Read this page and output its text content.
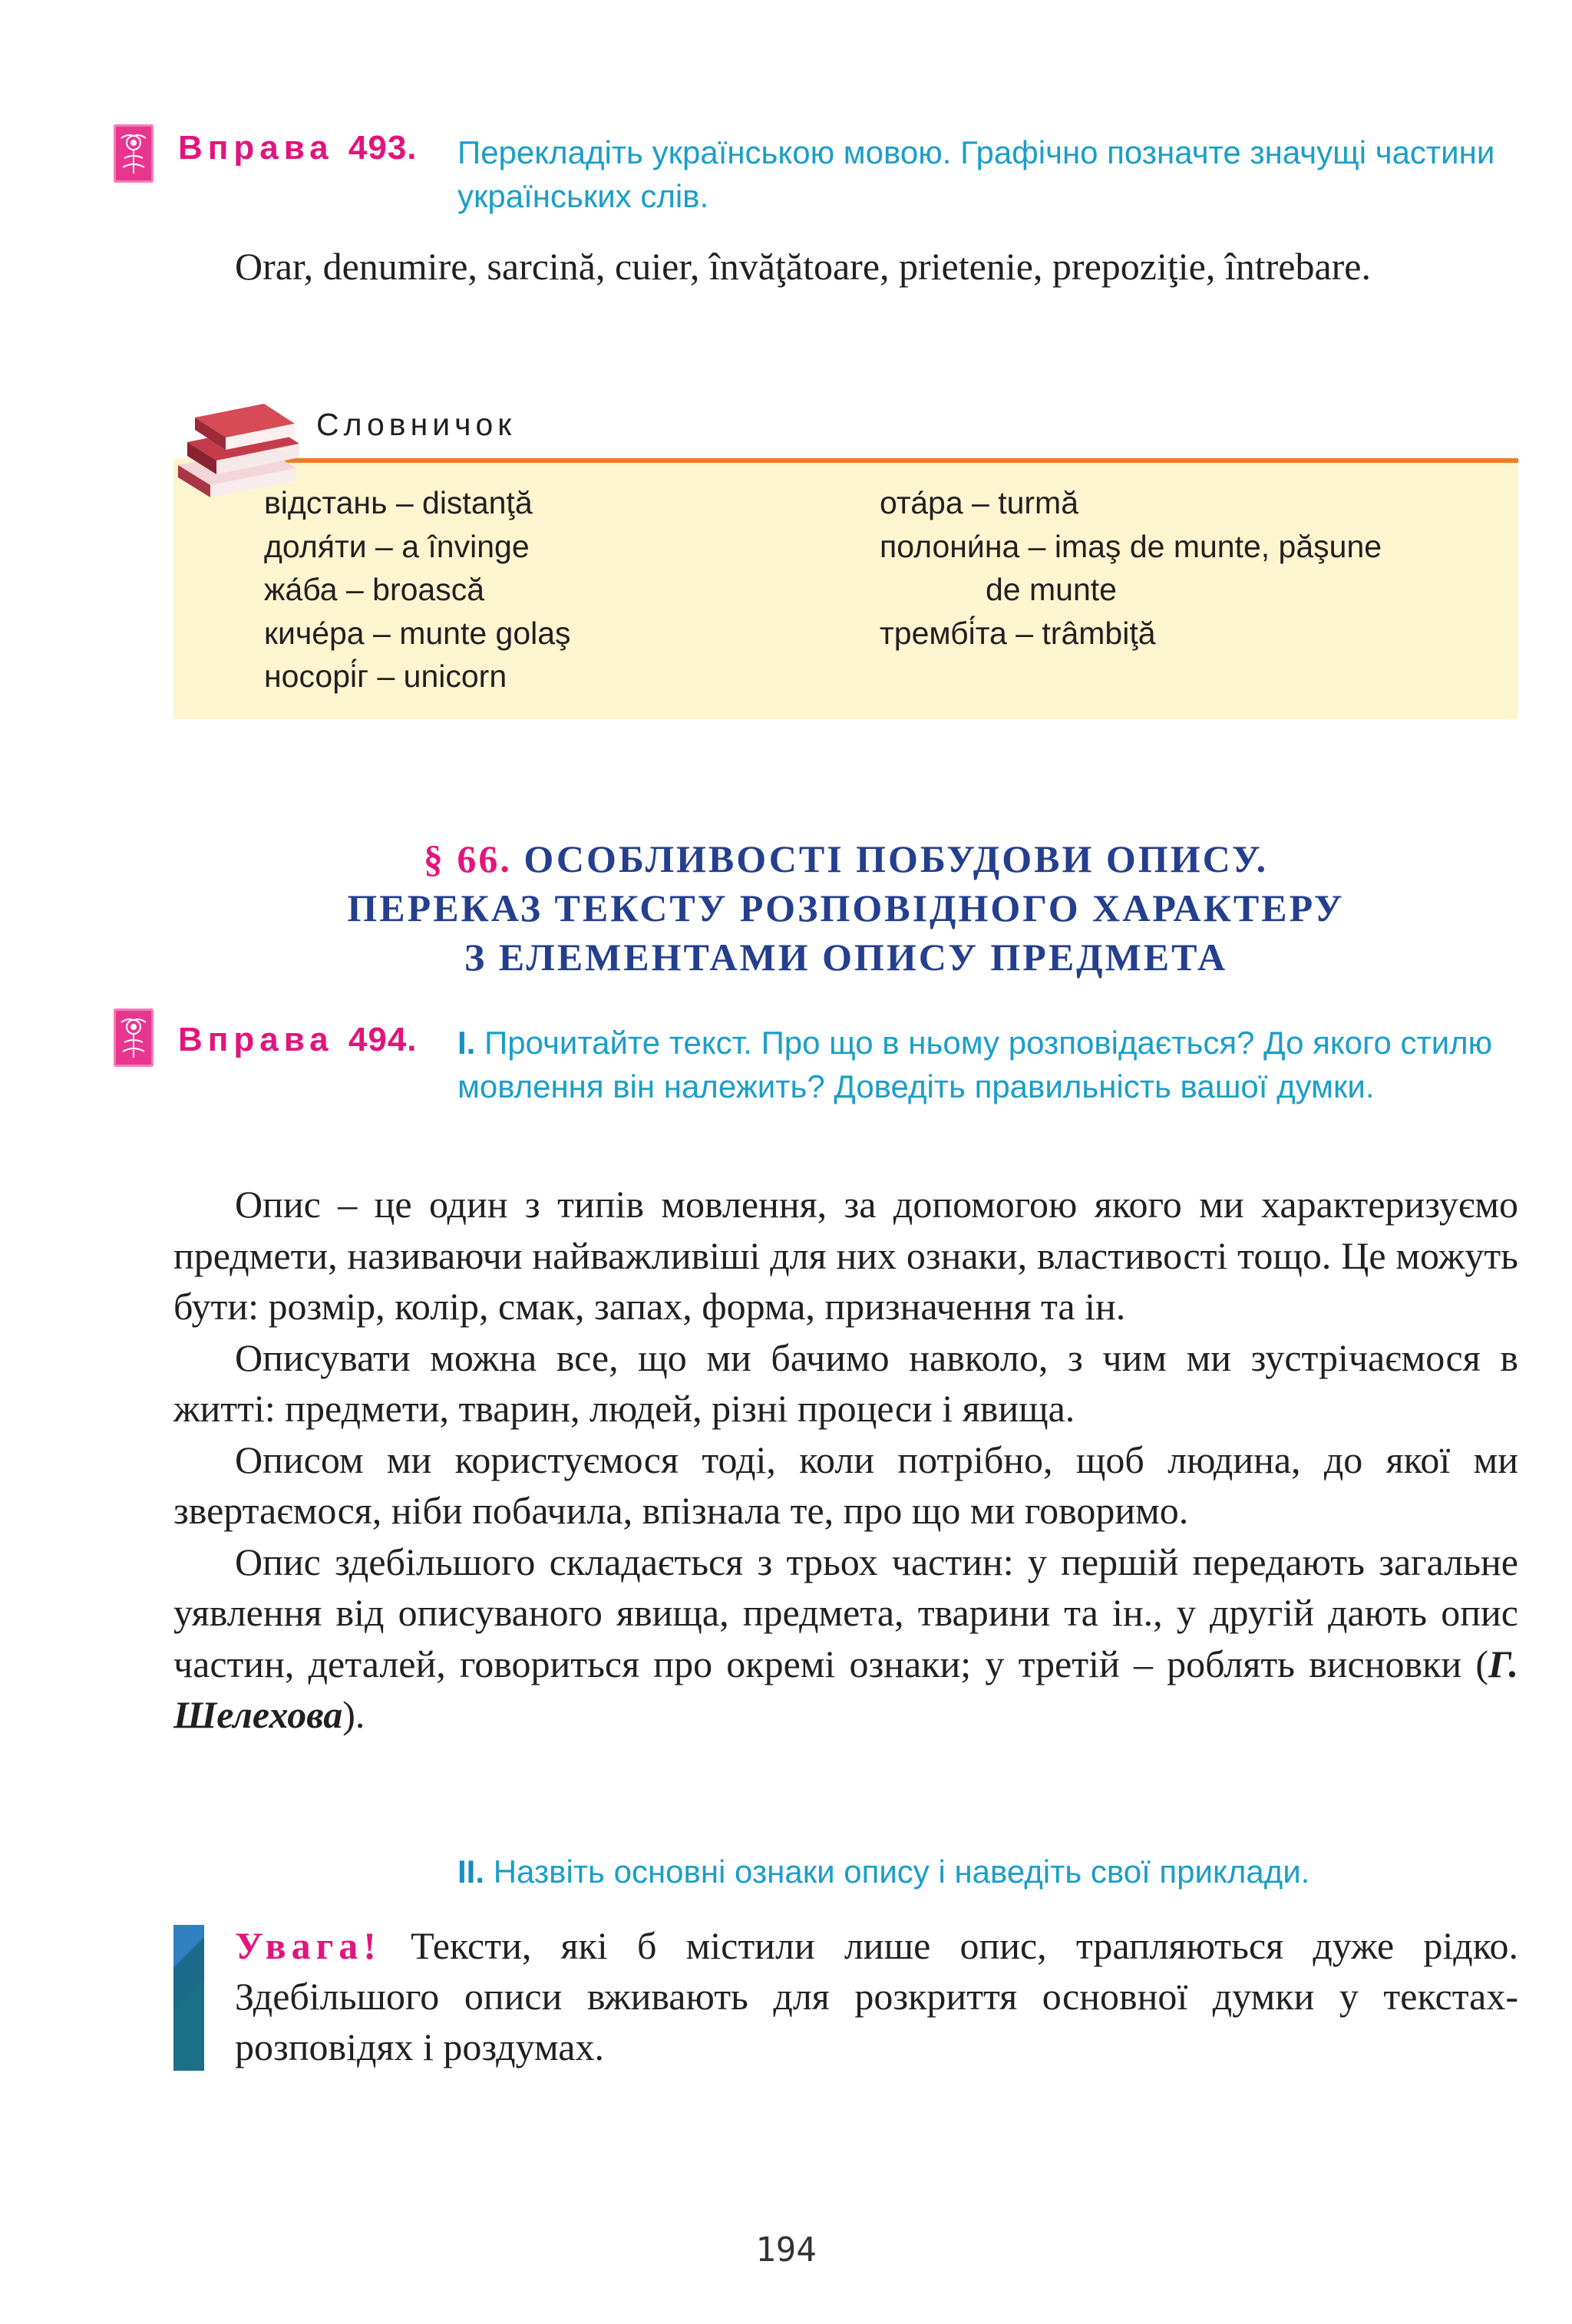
Вправа 493. Перекладіть українською мовою. Графічно позначте значущі частини українських слів.

Orar, denumire, sarcină, cuier, învăţătoare, prietenie, prepoziţie, întrebare.

Словничок
відстань – distanţă
доля́ти – a învinge
жа́ба – broască
киче́ра – munte golaş
носорі́г – unicorn
ота́ра – turmă
полони́на – imaş de munte, păşune
de munte
трембі́та – trâmbiţă
§ 66. ОСОБЛИВОСТІ ПОБУДОВИ ОПИСУ.
ПЕРЕКАЗ ТЕКСТУ РОЗПОВІДНОГО ХАРАКТЕРУ
З ЕЛЕМЕНТАМИ ОПИСУ ПРЕДМЕТА
Вправа 494. I. Прочитайте текст. Про що в ньому розповідається? До якого стилю мовлення він належить? Доведіть правильність вашої думки.

Опис – це один з типів мовлення, за допомогою якого ми характеризуємо предмети, називаючи найважливіші для них ознаки, властивості тощо. Це можуть бути: розмір, колір, смак, запах, форма, призначення та ін.

Описувати можна все, що ми бачимо навколо, з чим ми зустрічаємося в житті: предмети, тварин, людей, різні процеси і явища.

Описом ми користуємося тоді, коли потрібно, щоб людина, до якої ми звертаємося, ніби побачила, впізнала те, про що ми говоримо.

Опис здебільшого складається з трьох частин: у першій передають загальне уявлення від описуваного явища, предмета, тварини та ін., у другій дають опис частин, деталей, говориться про окремі ознаки; у третій – роблять висновки (Г. Шелехова).

II. Назвіть основні ознаки опису і наведіть свої приклади.
Увага! Тексти, які б містили лише опис, трапляються дуже рідко. Здебільшого описи вживають для розкриття основної думки у текстах-розповідях і роздумах.
194
